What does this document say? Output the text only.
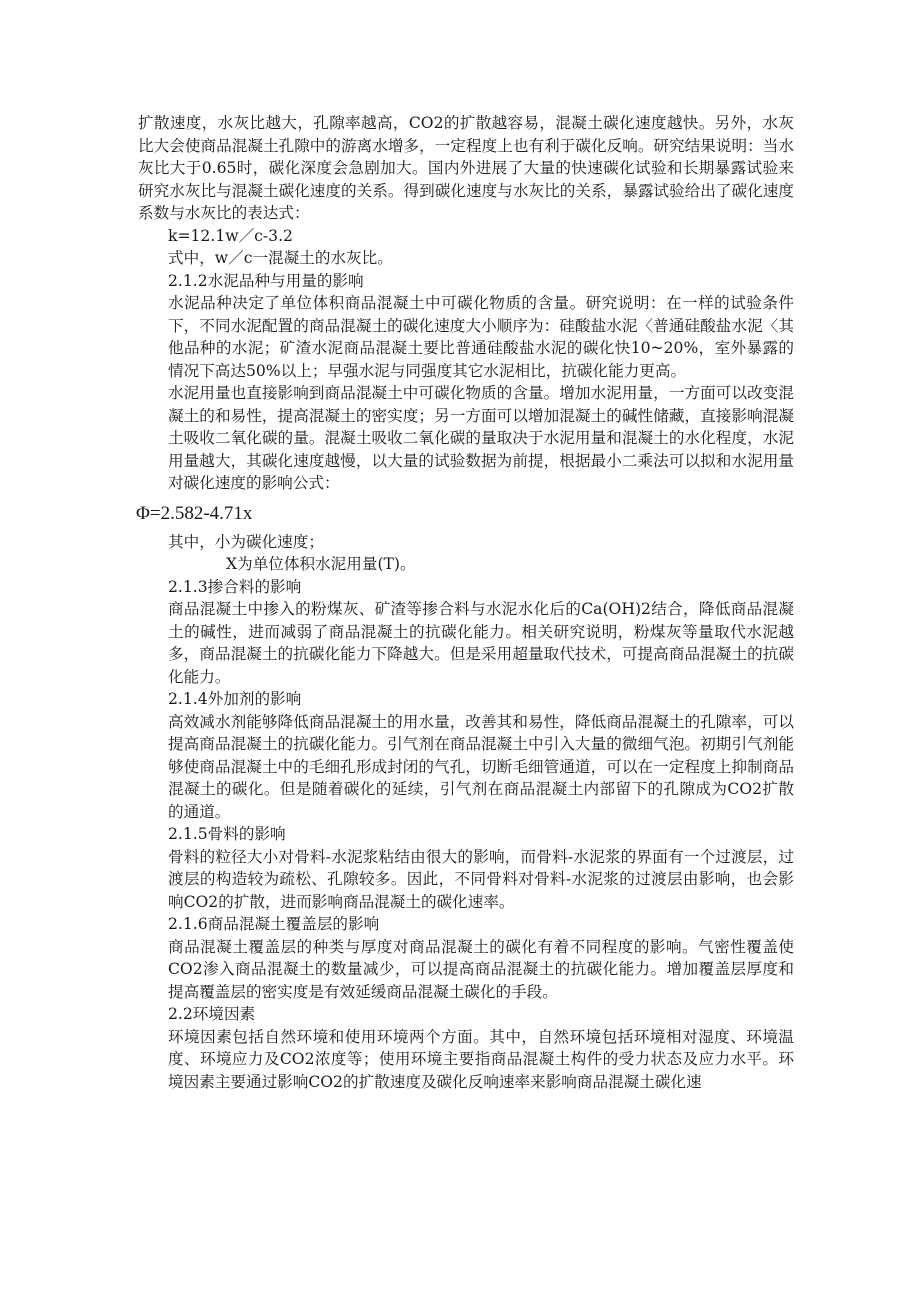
扩散速度，水灰比越大，孔隙率越高，CO2的扩散越容易，混凝土碳化速度越快。另外，水灰比大会使商品混凝土孔隙中的游离水增多，一定程度上也有利于碳化反响。研究结果说明：当水灰比大于0.65时，碳化深度会急剧加大。国内外进展了大量的快速碳化试验和长期暴露试验来研究水灰比与混凝土碳化速度的关系。得到碳化速度与水灰比的关系，暴露试验给出了碳化速度系数与水灰比的表达式：

k=12.1w／c-3.2

式中，w／c一混凝土的水灰比。

2.1.2水泥品种与用量的影响

水泥品种决定了单位体积商品混凝土中可碳化物质的含量。研究说明：在一样的试验条件下，不同水泥配置的商品混凝土的碳化速度大小顺序为：硅酸盐水泥〈普通硅酸盐水泥〈其他品种的水泥；矿渣水泥商品混凝土要比普通硅酸盐水泥的碳化快10~20%，室外暴露的情况下高达50%以上；早强水泥与同强度其它水泥相比，抗碳化能力更高。

水泥用量也直接影响到商品混凝土中可碳化物质的含量。增加水泥用量，一方面可以改变混凝土的和易性，提高混凝土的密实度；另一方面可以增加混凝土的碱性储藏，直接影响混凝土吸收二氧化碳的量。混凝土吸收二氧化碳的量取决于水泥用量和混凝土的水化程度，水泥用量越大，其碳化速度越慢，以大量的试验数据为前提，根据最小二乘法可以拟和水泥用量对碳化速度的影响公式：

Φ=2.582-4.71x

其中，小为碳化速度；

X为单位体积水泥用量(T)。

2.1.3掺合料的影响

商品混凝土中掺入的粉煤灰、矿渣等掺合料与水泥水化后的Ca(OH)2结合，降低商品混凝土的碱性，进而减弱了商品混凝土的抗碳化能力。相关研究说明，粉煤灰等量取代水泥越多，商品混凝土的抗碳化能力下降越大。但是采用超量取代技术，可提高商品混凝土的抗碳化能力。

2.1.4外加剂的影响

高效减水剂能够降低商品混凝土的用水量，改善其和易性，降低商品混凝土的孔隙率，可以提高商品混凝土的抗碳化能力。引气剂在商品混凝土中引入大量的微细气泡。初期引气剂能够使商品混凝土中的毛细孔形成封闭的气孔，切断毛细管通道，可以在一定程度上抑制商品混凝土的碳化。但是随着碳化的延续，引气剂在商品混凝土内部留下的孔隙成为CO2扩散的通道。

2.1.5骨料的影响

骨料的粒径大小对骨料-水泥浆粘结由很大的影响，而骨料-水泥浆的界面有一个过渡层，过渡层的构造较为疏松、孔隙较多。因此，不同骨料对骨料-水泥浆的过渡层由影响，也会影响CO2的扩散，进而影响商品混凝土的碳化速率。

2.1.6商品混凝土覆盖层的影响

商品混凝土覆盖层的种类与厚度对商品混凝土的碳化有着不同程度的影响。气密性覆盖使CO2渗入商品混凝土的数量减少，可以提高商品混凝土的抗碳化能力。增加覆盖层厚度和提高覆盖层的密实度是有效延缓商品混凝土碳化的手段。

2.2环境因素

环境因素包括自然环境和使用环境两个方面。其中，自然环境包括环境相对湿度、环境温度、环境应力及CO2浓度等；使用环境主要指商品混凝土构件的受力状态及应力水平。环境因素主要通过影响CO2的扩散速度及碳化反响速率来影响商品混凝土碳化速
